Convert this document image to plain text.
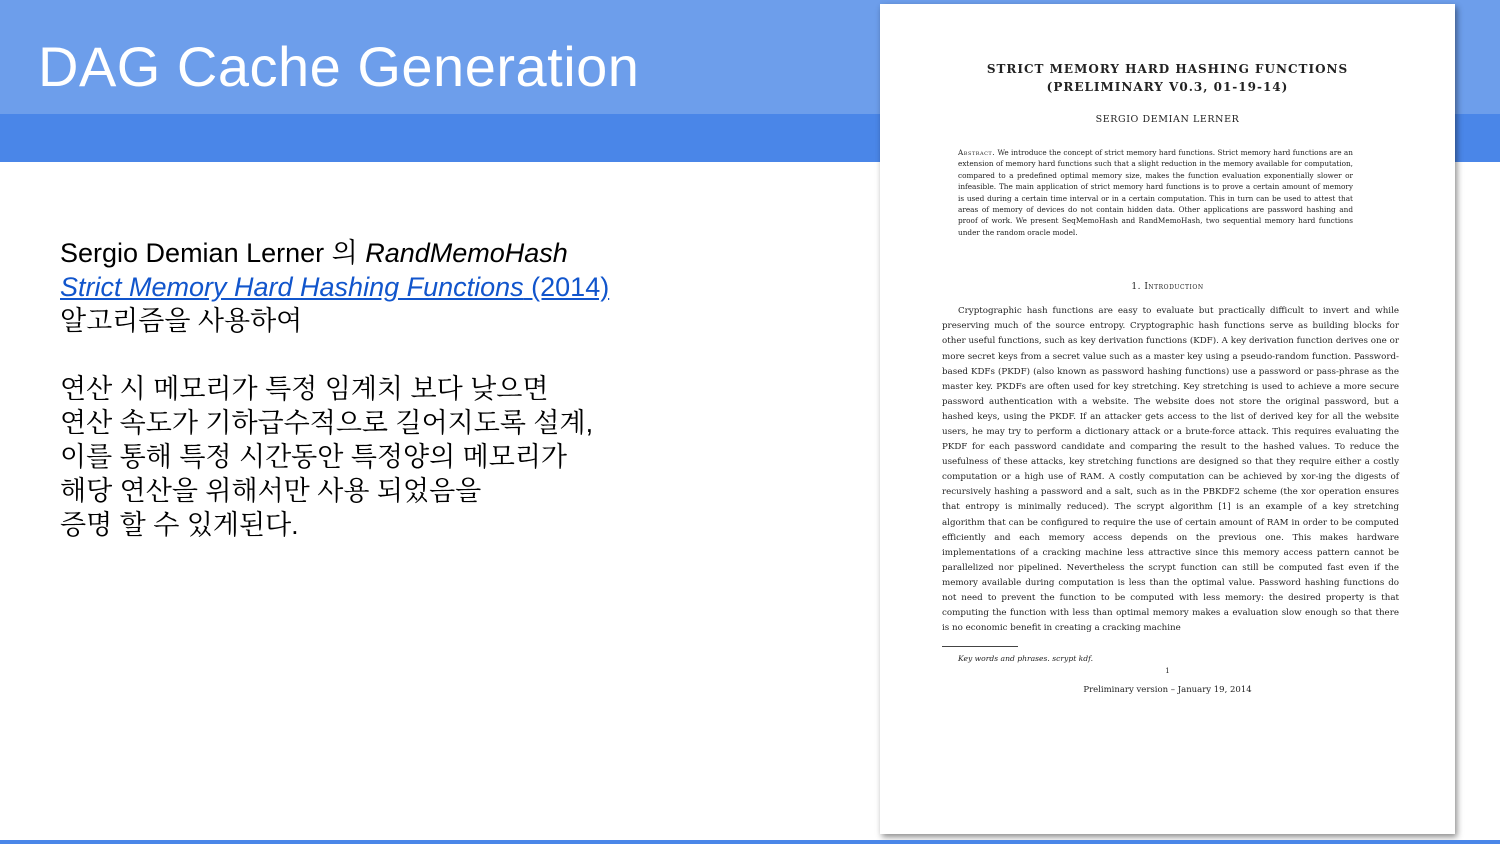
DAG Cache Generation
Sergio Demian Lerner 의 RandMemoHash
Strict Memory Hard Hashing Functions (2014)
알고리즘을 사용하여
연산 시 메모리가 특정 임계치 보다 낮으면
연산 속도가 기하급수적으로 길어지도록 설계,
이를 통해 특정 시간동안 특정양의 메모리가
해당 연산을 위해서만 사용 되었음을
증명 할 수 있게된다.
STRICT MEMORY HARD HASHING FUNCTIONS
(PRELIMINARY V0.3, 01-19-14)
SERGIO DEMIAN LERNER
Abstract. We introduce the concept of strict memory hard functions. Strict memory hard functions are an extension of memory hard functions such that a slight reduction in the memory available for computation, compared to a predefined optimal memory size, makes the function evaluation exponentially slower or infeasible. The main application of strict memory hard functions is to prove a certain amount of memory is used during a certain time interval or in a certain computation. This in turn can be used to attest that areas of memory of devices do not contain hidden data. Other applications are password hashing and proof of work. We present SeqMemoHash and RandMemoHash, two sequential memory hard functions under the random oracle model.
1. Introduction
Cryptographic hash functions are easy to evaluate but practically difficult to invert and while preserving much of the source entropy. Cryptographic hash functions serve as building blocks for other useful functions, such as key derivation functions (KDF). A key derivation function derives one or more secret keys from a secret value such as a master key using a pseudo-random function. Password-based KDFs (PKDF) (also known as password hashing functions) use a password or pass-phrase as the master key. PKDFs are often used for key stretching. Key stretching is used to achieve a more secure password authentication with a website. The website does not store the original password, but a hashed keys, using the PKDF. If an attacker gets access to the list of derived key for all the website users, he may try to perform a dictionary attack or a brute-force attack. This requires evaluating the PKDF for each password candidate and comparing the result to the hashed values. To reduce the usefulness of these attacks, key stretching functions are designed so that they require either a costly computation or a high use of RAM. A costly computation can be achieved by xor-ing the digests of recursively hashing a password and a salt, such as in the PBKDF2 scheme (the xor operation ensures that entropy is minimally reduced). The scrypt algorithm [1] is an example of a key stretching algorithm that can be configured to require the use of certain amount of RAM in order to be computed efficiently and each memory access depends on the previous one. This makes hardware implementations of a cracking machine less attractive since this memory access pattern cannot be parallelized nor pipelined. Nevertheless the scrypt function can still be computed fast even if the memory available during computation is less than the optimal value. Password hashing functions do not need to prevent the function to be computed with less memory: the desired property is that computing the function with less than optimal memory makes a evaluation slow enough so that there is no economic benefit in creating a cracking machine
Key words and phrases. scrypt kdf.
1
Preliminary version – January 19, 2014
